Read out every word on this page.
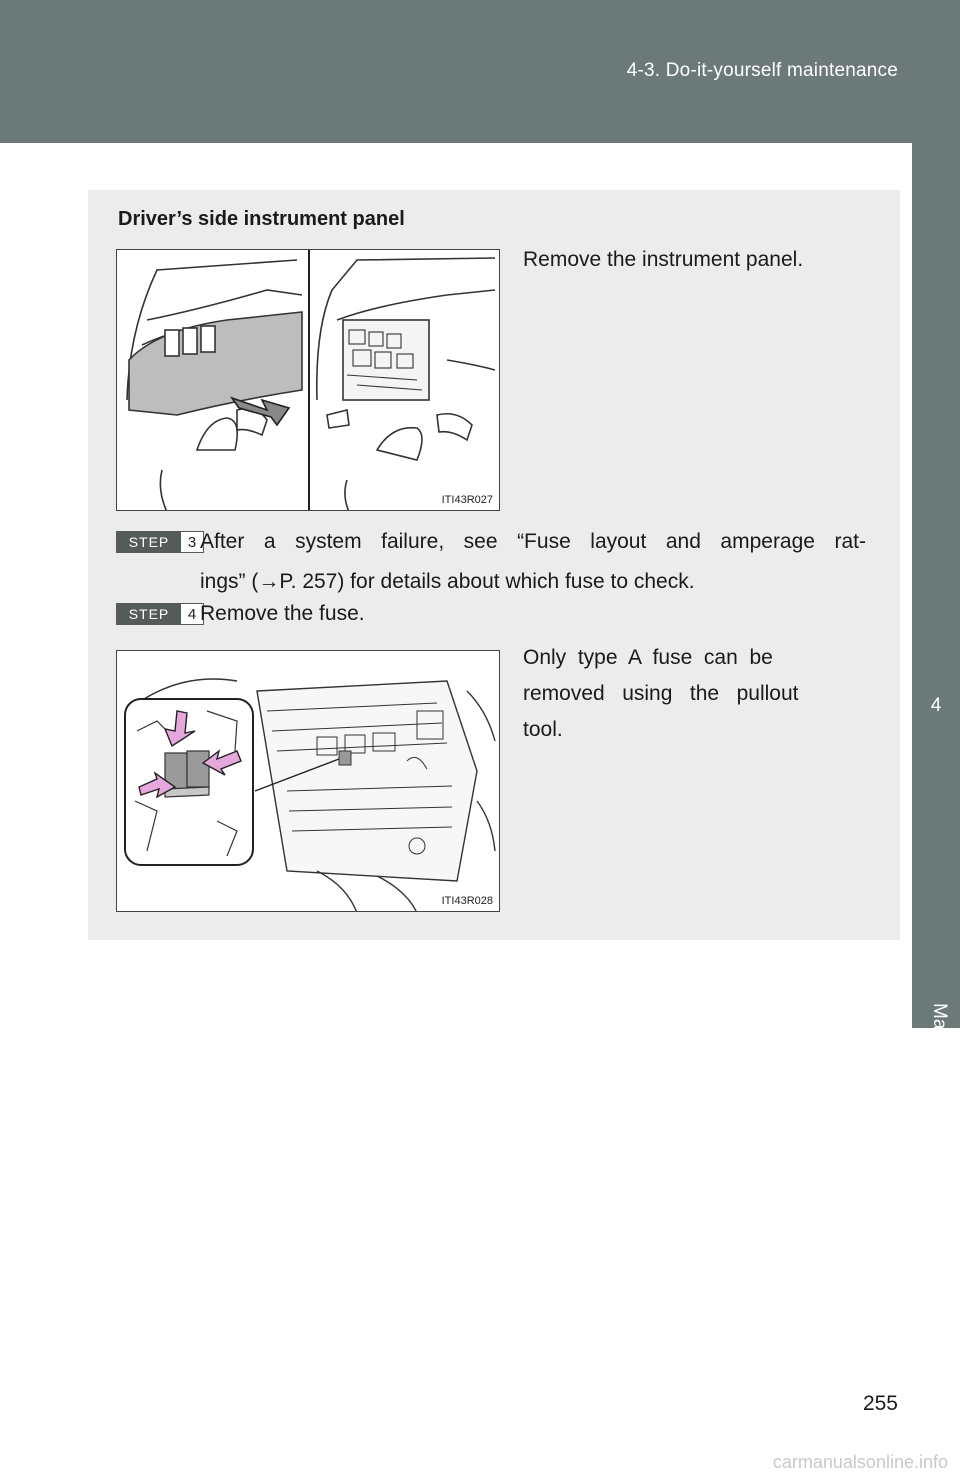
4-3. Do-it-yourself maintenance
4
Maintenance and care
Driver’s side instrument panel
Remove the instrument panel.
ITI43R027
STEP	3 After a system failure, see “Fuse layout and amperage rat-
ings” (→P. 257) for details about which fuse to check.
STEP	4 Remove the fuse.
Only  type  A  fuse  can  be
removed   using   the   pullout
tool.
ITI43R028
255
carmanualsonline.info
